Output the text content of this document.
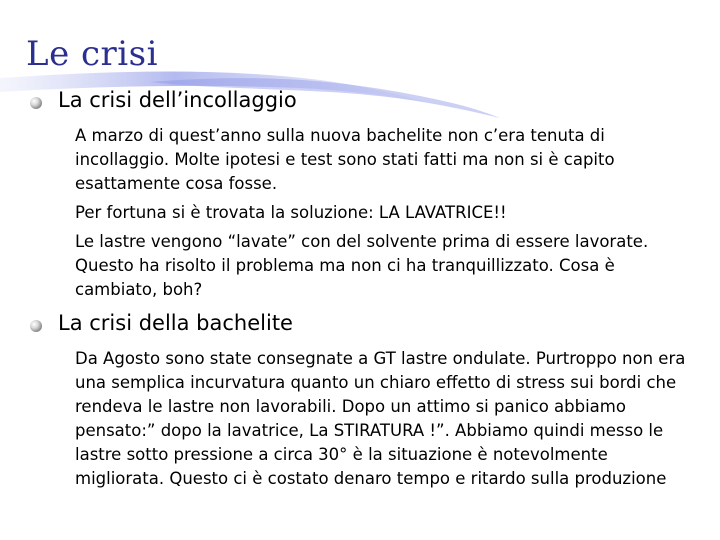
Le crisi
La crisi dell’incollaggio

A marzo di quest’anno sulla nuova bachelite non c’era tenuta di incollaggio. Molte ipotesi e test sono stati fatti ma non si è capito esattamente cosa fosse.

Per fortuna si è trovata la soluzione: LA LAVATRICE!!

Le lastre vengono “lavate” con del solvente prima di essere lavorate. Questo ha risolto il problema ma non ci ha tranquillizzato. Cosa è cambiato, boh?

La crisi della bachelite

Da Agosto sono state consegnate a GT lastre ondulate. Purtroppo non era una semplica incurvatura quanto un chiaro effetto di stress sui bordi che rendeva le lastre non lavorabili. Dopo un attimo si panico abbiamo pensato:” dopo la lavatrice, La STIRATURA !”. Abbiamo quindi messo le lastre sotto pressione a circa 30° è la situazione è notevolmente migliorata. Questo ci è costato denaro tempo e ritardo sulla produzione
